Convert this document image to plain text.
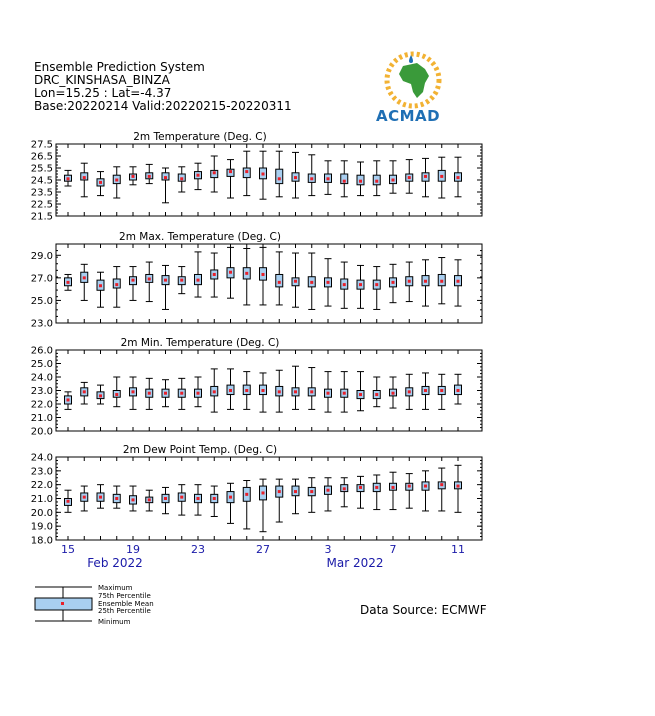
Ensemble Prediction System
DRC_KINSHASA_BINZA
Lon=15.25 : Lat=-4.37
Base:20220214 Valid:20220215-20220311
ACMAD
2m Temperature (Deg. C)
21.5
22.5
23.5
24.5
25.5
26.5
27.5
2m Max. Temperature (Deg. C)
23.0
25.0
27.0
29.0
2m Min. Temperature (Deg. C)
20.0
21.0
22.0
23.0
24.0
25.0
26.0
2m Dew Point Temp. (Deg. C)
18.0
19.0
20.0
21.0
22.0
23.0
24.0
15	19	23	27	3	7	11
Feb 2022	Mar 2022
Maximum
75th Percentile
Ensemble Mean
25th Percentile
Minimum
Data Source: ECMWF
